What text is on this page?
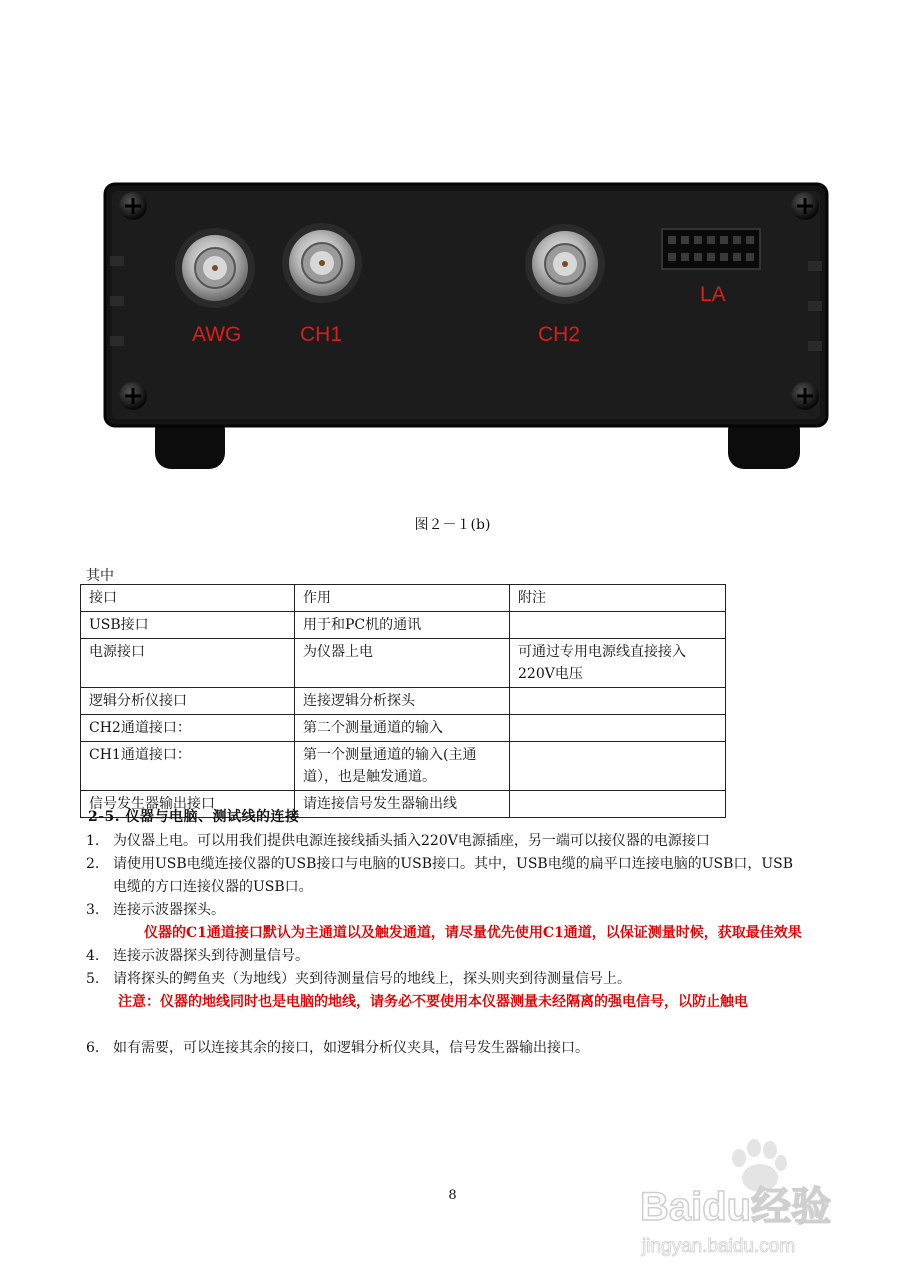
AWG	CH1	CH2
LA
图２－１(b)
其中
接口	作用	附注
USB接口	用于和PC机的通讯	
电源接口	为仪器上电	可通过专用电源线直接接入220V电压
逻辑分析仪接口	连接逻辑分析探头	
CH2通道接口：	第二个测量通道的输入	
CH1通道接口：	第一个测量通道的输入(主通道），也是触发通道。	
信号发生器输出接口	请连接信号发生器输出线	
2-5. 仪器与电脑、测试线的连接
1. 为仪器上电。可以用我们提供电源连接线插头插入220V电源插座，另一端可以接仪器的电源接口
2. 请使用USB电缆连接仪器的USB接口与电脑的USB接口。其中，USB电缆的扁平口连接电脑的USB口，USB电缆的方口连接仪器的USB口。
3. 连接示波器探头。
仪器的C1通道接口默认为主通道以及触发通道，请尽量优先使用C1通道，以保证测量时候，获取最佳效果
4. 连接示波器探头到待测量信号。
5. 请将探头的鳄鱼夹（为地线）夹到待测量信号的地线上，探头则夹到待测量信号上。
注意：仪器的地线同时也是电脑的地线，请务必不要使用本仪器测量未经隔离的强电信号，以防止触电
6. 如有需要，可以连接其余的接口，如逻辑分析仪夹具，信号发生器输出接口。
8	Baidu经验
jingyan.baidu.com
